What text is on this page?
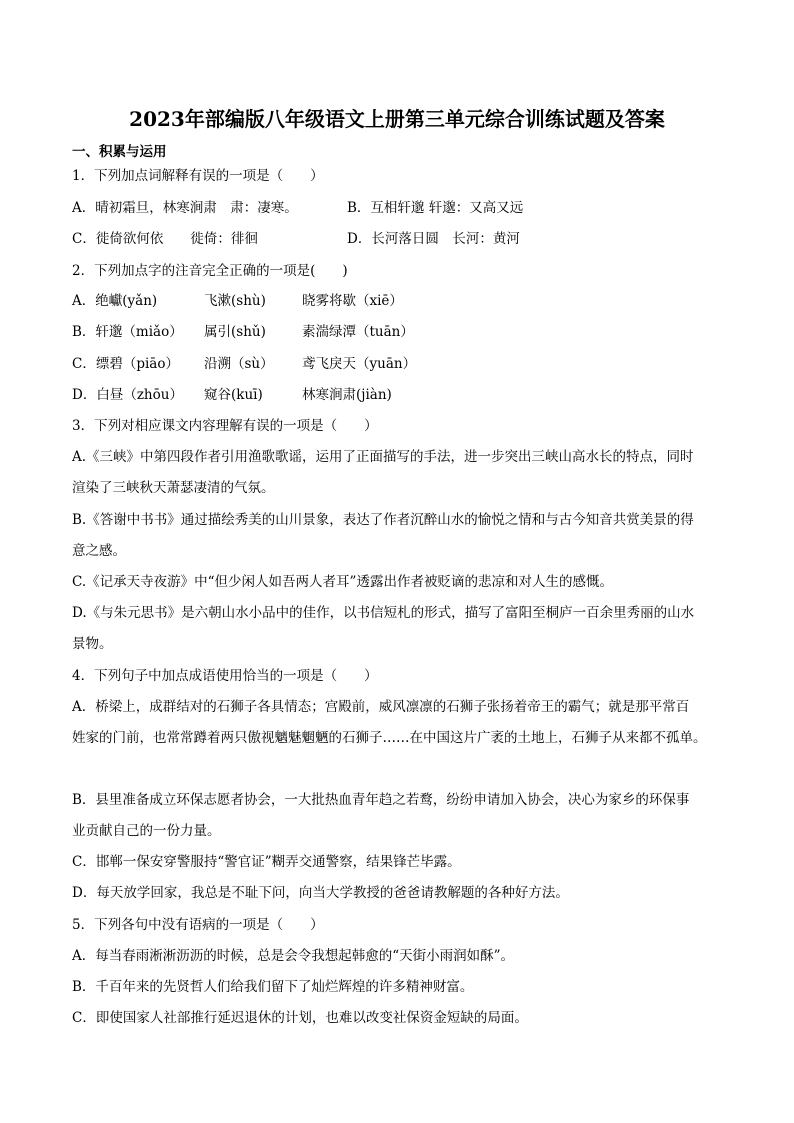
2023年部编版八年级语文上册第三单元综合训练试题及答案
一、积累与运用
1．下列加点词解释有误的一项是（　　）
A．晴初霜旦，林寒涧肃　肃：凄寒。	B．互相轩邈 轩邈：又高又远
C．徙倚欲何依　　徙倚：徘徊	D．长河落日圆　长河：黄河
2．下列加点字的注音完全正确的一项是(　　)
A．绝巘(yǎn)	飞漱(shù)	晓雾将歇（xiē）
B．轩邈（miǎo） 属引(shǔ)	素湍绿潭（tuān）
C．缥碧（piāo） 沿溯（sù） 鸢飞戾天（yuān）
D．白昼（zhōu） 窥谷(kuī)	林寒涧肃(jiàn)
3．下列对相应课文内容理解有误的一项是（　　）
A.《三峡》中第四段作者引用渔歌歌谣，运用了正面描写的手法，进一步突出三峡山高水长的特点，同时
渲染了三峡秋天萧瑟凄清的气氛。
B.《答谢中书书》通过描绘秀美的山川景象，表达了作者沉醉山水的愉悦之情和与古今知音共赏美景的得
意之感。
C.《记承天寺夜游》中“但少闲人如吾两人者耳”透露出作者被贬谪的悲凉和对人生的感慨。
D.《与朱元思书》是六朝山水小品中的佳作，以书信短札的形式，描写了富阳至桐庐一百余里秀丽的山水
景物。
4．下列句子中加点成语使用恰当的一项是（　　）
A．桥梁上，成群结对的石狮子各具情态；宫殿前，威风凛凛的石狮子张扬着帝王的霸气；就是那平常百
姓家的门前，也常常蹲着两只傲视魑魅魍魉的石狮子……在中国这片广袤的土地上，石狮子从来都不孤单。
B．县里准备成立环保志愿者协会，一大批热血青年趋之若鹜，纷纷申请加入协会，决心为家乡的环保事
业贡献自己的一份力量。
C．邯郸一保安穿警服持“警官证”糊弄交通警察，结果锋芒毕露。
D．每天放学回家，我总是不耻下问，向当大学教授的爸爸请教解题的各种好方法。
5．下列各句中没有语病的一项是（　　）
A．每当春雨淅淅沥沥的时候，总是会令我想起韩愈的“天街小雨润如酥”。
B．千百年来的先贤哲人们给我们留下了灿烂辉煌的许多精神财富。
C．即使国家人社部推行延迟退休的计划，也难以改变社保资金短缺的局面。
